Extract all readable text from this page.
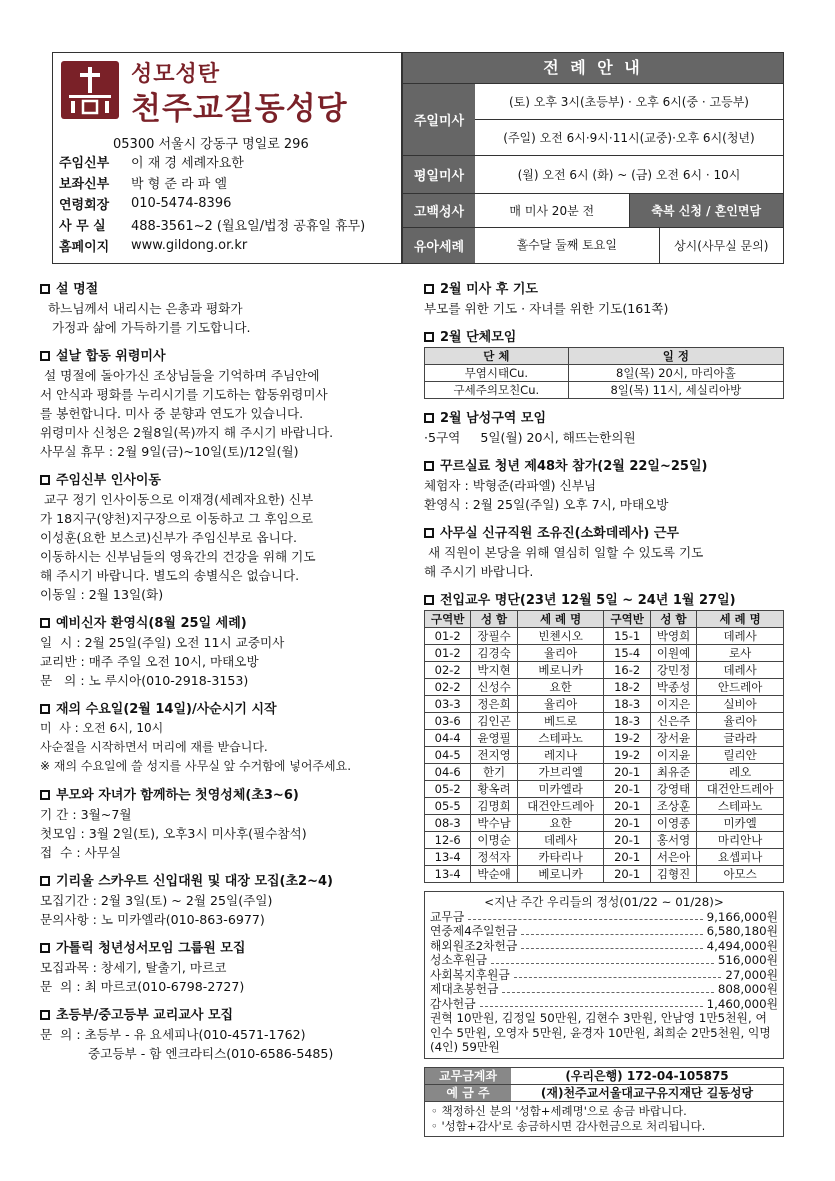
성모성탄
천주교길동성당
05300 서울시 강동구 명일로 296
주임신부	이 재 경 세례자요한
보좌신부	박 형 준 라 파 엘
연령회장	010-5474-8396
사 무 실	488-3561~2 (월요일/법정 공휴일 휴무)
홈페이지	www.gildong.or.kr
전 례 안 내
주일미사
(토) 오후 3시(초등부) · 오후 6시(중 · 고등부)
(주일) 오전 6시·9시·11시(교중)·오후 6시(청년)
평일미사	(월) 오전 6시 (화) ~ (금) 오전 6시 · 10시
고백성사	매 미사 20분 전	축복 신청 / 혼인면담
유아세례	홀수달 둘째 토요일	상시(사무실 문의)
설 명절
하느님께서 내리시는 은총과 평화가
가정과 삶에 가득하기를 기도합니다.
설날 합동 위령미사
설 명절에 돌아가신 조상님들을 기억하며 주님안에
서 안식과 평화를 누리시기를 기도하는 합동위령미사
를 봉헌합니다. 미사 중 분향과 연도가 있습니다.
위령미사 신청은 2월8일(목)까지 해 주시기 바랍니다.
사무실 휴무 : 2월 9일(금)~10일(토)/12일(월)
주임신부 인사이동
교구 정기 인사이동으로 이재경(세례자요한) 신부
가 18지구(양천)지구장으로 이동하고 그 후임으로
이성훈(요한 보스코)신부가 주임신부로 옵니다.
이동하시는 신부님들의 영육간의 건강을 위해 기도
해 주시기 바랍니다. 별도의 송별식은 없습니다.
이동일 : 2월 13일(화)
예비신자 환영식(8월 25일 세례)
일  시 : 2월 25일(주일) 오전 11시 교중미사
교리반 : 매주 주일 오전 10시, 마태오방
문   의 : 노 루시아(010-2918-3153)
재의 수요일(2월 14일)/사순시기 시작
미  사 : 오전 6시, 10시
사순절을 시작하면서 머리에 재를 받습니다.
※ 재의 수요일에 쓸 성지를 사무실 앞 수거함에 넣어주세요.
부모와 자녀가 함께하는 첫영성체(초3~6)
기 간 : 3월~7월
첫모임 : 3월 2일(토), 오후3시 미사후(필수참석)
접  수 : 사무실
기리울 스카우트 신입대원 및 대장 모집(초2~4)
모집기간 : 2월 3일(토) ~ 2월 25일(주일)
문의사항 : 노 미카엘라(010-863-6977)
가톨릭 청년성서모임 그룹원 모집
모집과목 : 창세기, 탈출기, 마르코
문  의 : 최 마르코(010-6798-2727)
초등부/중고등부 교리교사 모집
문  의 : 초등부 - 유 요세피나(010-4571-1762)
중고등부 - 함 엔크라티스(010-6586-5485)
2월 미사 후 기도
부모를 위한 기도 · 자녀를 위한 기도(161쪽)
2월 단체모임
단 체	일 정
무염시태Cu.	8일(목) 20시, 마리아홀
구세주의모친Cu.	8일(목) 11시, 세실리아방
2월 남성구역 모임
·5구역     5일(월) 20시, 해뜨는한의원
꾸르실료 청년 제48차 참가(2월 22일~25일)
체험자 : 박형준(라파엘) 신부님
환영식 : 2월 25일(주일) 오후 7시, 마태오방
사무실 신규직원 조유진(소화데레사) 근무
새 직원이 본당을 위해 열심히 일할 수 있도록 기도
해 주시기 바랍니다.
전입교우 명단(23년 12월 5일 ~ 24년 1월 27일)
구역반	성 함	세 례 명	구역반	성 함	세 례 명
01-2	장필수	빈첸시오	15-1	박영희	데레사
01-2	김경숙	율리아	15-4	이원예	로사
02-2	박지현	베로니카	16-2	강민정	데레사
02-2	신성수	요한	18-2	박종성	안드레아
03-3	정은희	율리아	18-3	이지은	실비아
03-6	김인곤	베드로	18-3	신은주	율리아
04-4	윤영필	스테파노	19-2	장서윤	글라라
04-5	전지영	레지나	19-2	이지윤	릴리안
04-6	한기	가브리엘	20-1	최유준	레오
05-2	황옥려	미카엘라	20-1	강영태	대건안드레아
05-5	김명희	대건안드레아	20-1	조상훈	스테파노
08-3	박수남	요한	20-1	이영종	미카엘
12-6	이명순	데레사	20-1	홍서영	마리안나
13-4	정석자	카타리나	20-1	서은아	요셉피나
13-4	박순애	베로니카	20-1	김형진	아모스
<지난 주간 우리들의 정성(01/22 ~ 01/28)>
교무금	9,166,000원
연중제4주일헌금	6,580,180원
해외원조2차헌금	4,494,000원
성소후원금	516,000원
사회복지후원금	27,000원
제대초봉헌금	808,000원
감사헌금	1,460,000원
권혁 10만원, 김정일 50만원, 김현수 3만원, 안남영 1만5천원, 여인수 5만원, 오영자 5만원, 윤경자 10만원, 최희순 2만5천원, 익명(4인) 59만원
교무금계좌	(우리은행) 172-04-105875
예 금 주	(재)천주교서울대교구유지재단 길동성당
◦ 책정하신 분의 '성함+세례명'으로 송금 바랍니다.
◦ '성함+감사'로 송금하시면 감사헌금으로 처리됩니다.
